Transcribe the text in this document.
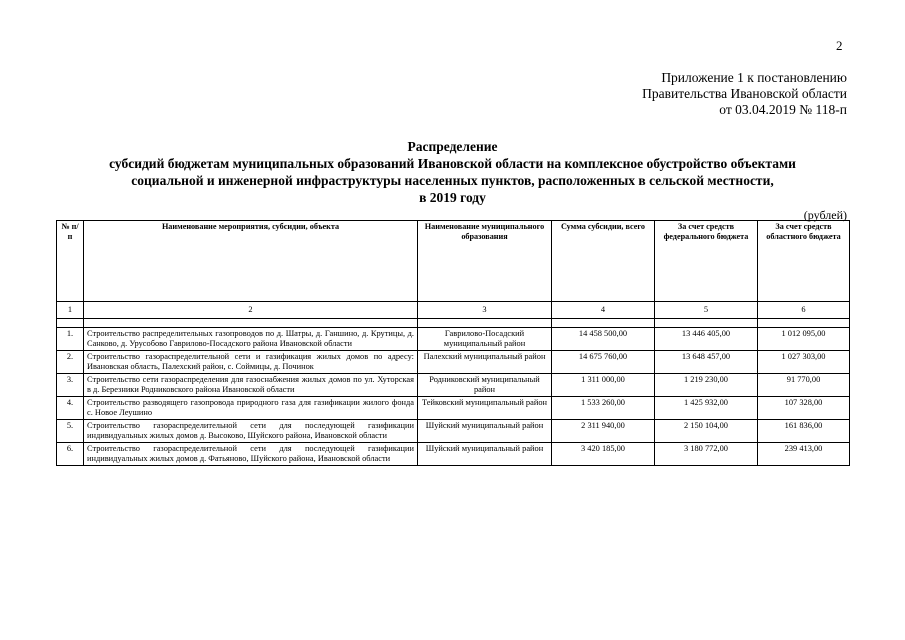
2
Приложение 1 к постановлению
Правительства Ивановской области
от 03.04.2019 № 118-п
Распределение
субсидий бюджетам муниципальных образований Ивановской области на комплексное обустройство объектами
социальной и инженерной инфраструктуры населенных пунктов, расположенных в сельской местности,
в 2019 году
(рублей)
№ п/п	Наименование мероприятия, субсидии, объекта	Наименование муниципального образования	Сумма субсидии, всего	За счет средств федерального бюджета	За счет средств областного бюджета
1	2	3	4	5	6

1.	Строительство распределительных газопроводов по д. Шатры, д. Ганшино, д. Крутицы, д. Санково, д. Урусобово Гаврилово-Посадского района Ивановской области	Гаврилово-Посадский муниципальный район	14 458 500,00	13 446 405,00	1 012 095,00
2.	Строительство газораспределительной сети и газификация жилых домов по адресу: Ивановская область, Палехский район, с. Соймицы, д. Починок	Палехский муниципальный район	14 675 760,00	13 648 457,00	1 027 303,00
3.	Строительство сети газораспределения для газоснабжения жилых домов по ул. Хуторская в д. Березники Родниковского района Ивановской области	Родниковский муниципальный район	1 311 000,00	1 219 230,00	91 770,00
4.	Строительство разводящего газопровода природного газа для газификации жилого фонда с. Новое Леушино	Тейковский муниципальный район	1 533 260,00	1 425 932,00	107 328,00
5.	Строительство газораспределительной сети для последующей газификации индивидуальных жилых домов д. Высоково, Шуйского района, Ивановской области	Шуйский муниципальный район	2 311 940,00	2 150 104,00	161 836,00
6.	Строительство газораспределительной сети для последующей газификации индивидуальных жилых домов д. Фатьяново, Шуйского района, Ивановской области	Шуйский муниципальный район	3 420 185,00	3 180 772,00	239 413,00
